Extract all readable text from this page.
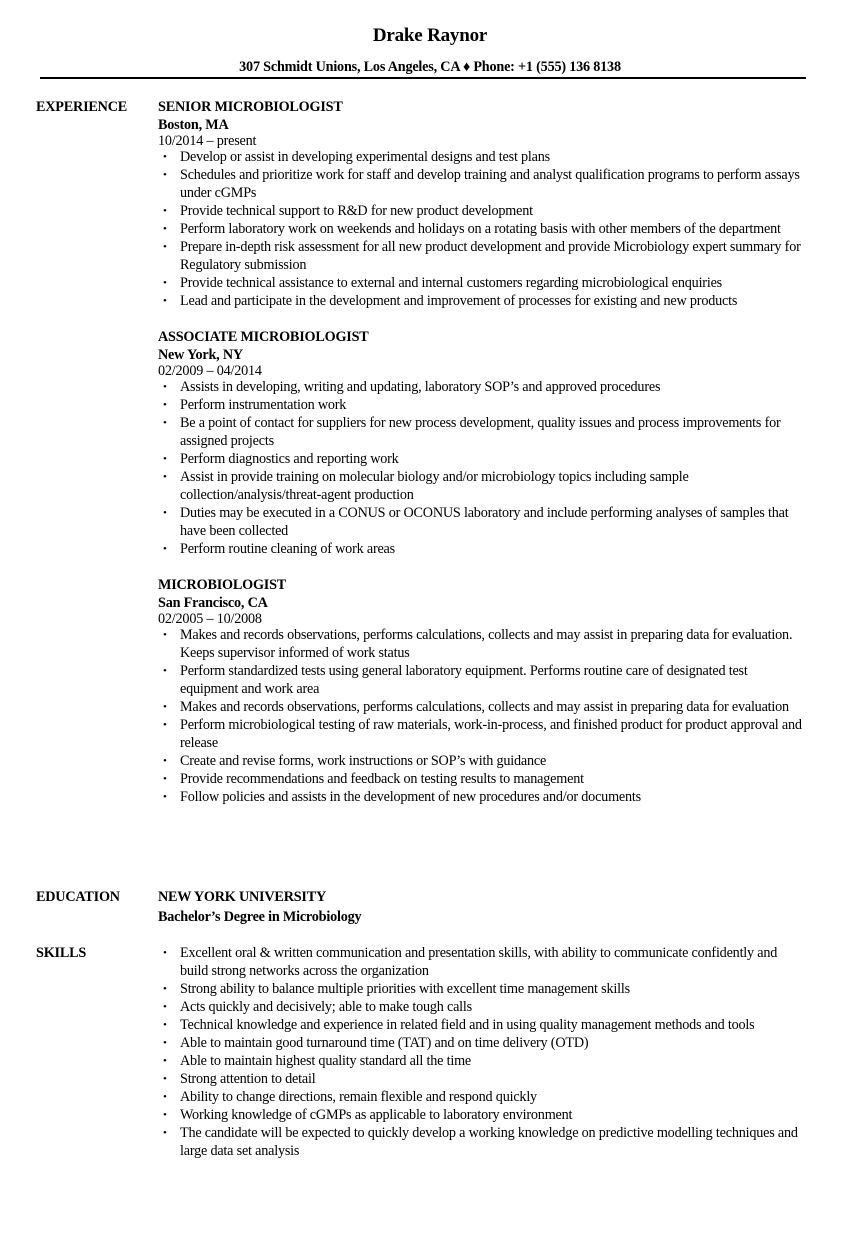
Drake Raynor
307 Schmidt Unions, Los Angeles, CA ♦ Phone: +1 (555) 136 8138
EXPERIENCE SENIOR MICROBIOLOGIST
Boston, MA
10/2014 – present
• Develop or assist in developing experimental designs and test plans
• Schedules and prioritize work for staff and develop training and analyst qualification programs to perform assays under cGMPs
• Provide technical support to R&D for new product development
• Perform laboratory work on weekends and holidays on a rotating basis with other members of the department
• Prepare in-depth risk assessment for all new product development and provide Microbiology expert summary for Regulatory submission
• Provide technical assistance to external and internal customers regarding microbiological enquiries
• Lead and participate in the development and improvement of processes for existing and new products
ASSOCIATE MICROBIOLOGIST
New York, NY
02/2009 – 04/2014
• Assists in developing, writing and updating, laboratory SOP’s and approved procedures
• Perform instrumentation work
• Be a point of contact for suppliers for new process development, quality issues and process improvements for assigned projects
• Perform diagnostics and reporting work
• Assist in provide training on molecular biology and/or microbiology topics including sample collection/analysis/threat-agent production
• Duties may be executed in a CONUS or OCONUS laboratory and include performing analyses of samples that have been collected
• Perform routine cleaning of work areas
MICROBIOLOGIST
San Francisco, CA
02/2005 – 10/2008
• Makes and records observations, performs calculations, collects and may assist in preparing data for evaluation. Keeps supervisor informed of work status
• Perform standardized tests using general laboratory equipment. Performs routine care of designated test equipment and work area
• Makes and records observations, performs calculations, collects and may assist in preparing data for evaluation
• Perform microbiological testing of raw materials, work-in-process, and finished product for product approval and release
• Create and revise forms, work instructions or SOP’s with guidance
• Provide recommendations and feedback on testing results to management
• Follow policies and assists in the development of new procedures and/or documents
EDUCATION	NEW YORK UNIVERSITY
Bachelor’s Degree in Microbiology
SKILLS	• Excellent oral & written communication and presentation skills, with ability to communicate confidently and build strong networks across the organization
• Strong ability to balance multiple priorities with excellent time management skills
• Acts quickly and decisively; able to make tough calls
• Technical knowledge and experience in related field and in using quality management methods and tools
• Able to maintain good turnaround time (TAT) and on time delivery (OTD)
• Able to maintain highest quality standard all the time
• Strong attention to detail
• Ability to change directions, remain flexible and respond quickly
• Working knowledge of cGMPs as applicable to laboratory environment
• The candidate will be expected to quickly develop a working knowledge on predictive modelling techniques and large data set analysis
